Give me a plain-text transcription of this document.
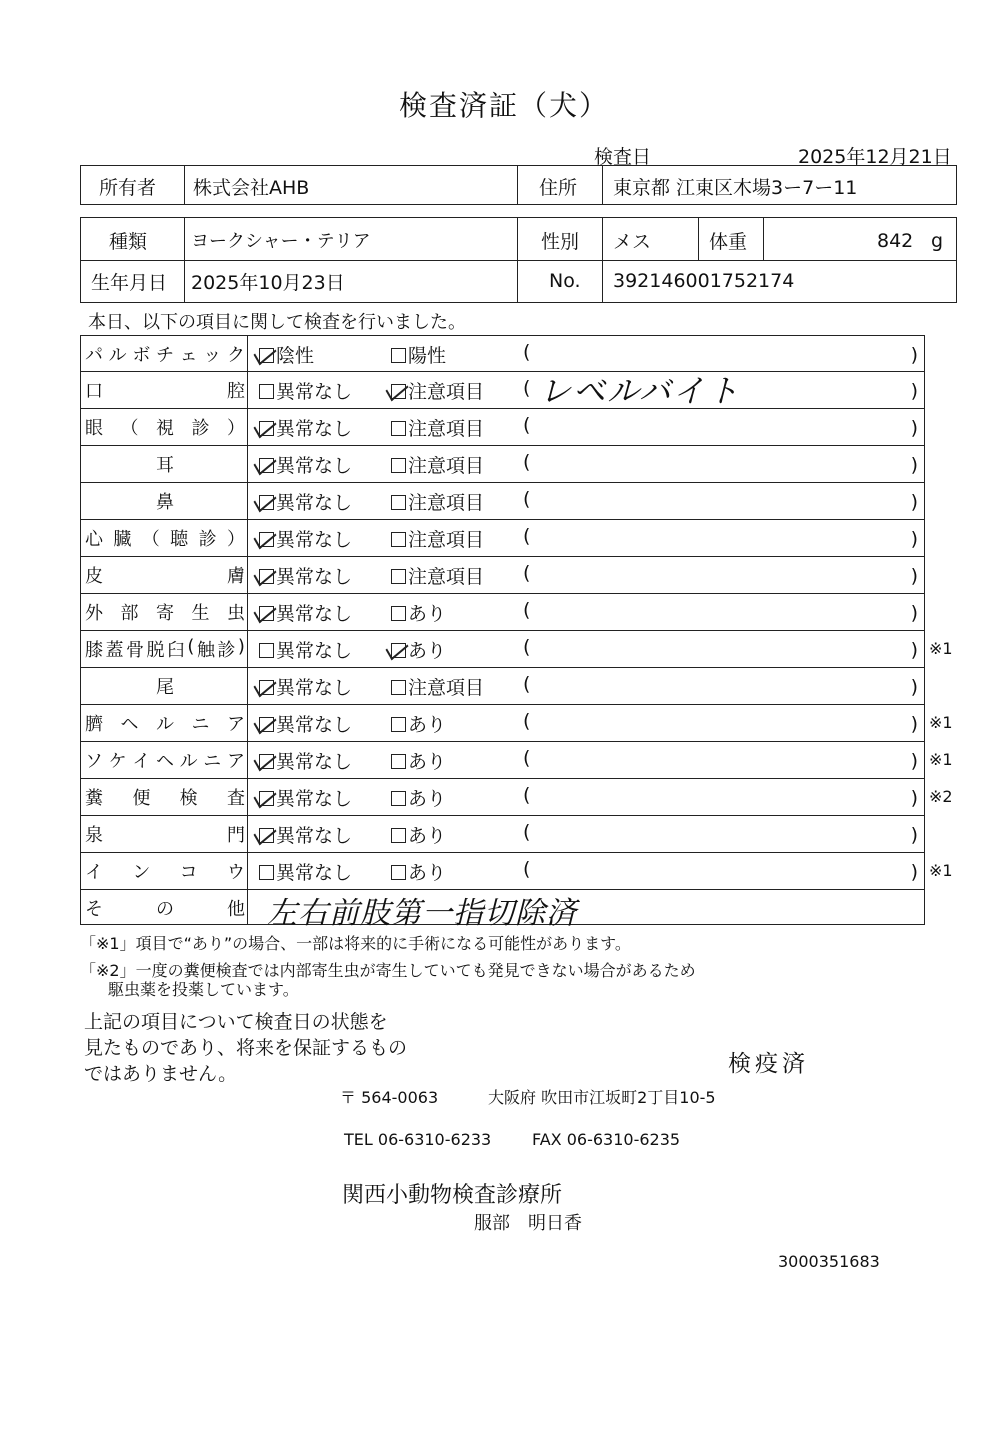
検査済証（犬）
検査日	2025年12月21日
所有者 株式会社AHB	住所 東京都 江東区木場3ー7ー11
種類 ヨークシャー・テリア	性別 メス	体重	842 g
生年月日 2025年10月23日	No. 392146001752174
本日、以下の項目に関して検査を行いました。
パ ル ボ チ ェ ッ ク	陰性	陽性	(	)
口	腔	異常なし	注意項目 ( レベルバイト	)
眼 （ 視 診 ）	異常なし	注意項目 (	)
耳	異常なし	注意項目 (	)
鼻	異常なし	注意項目 (	)
心 臓 （ 聴 診 ）	異常なし	注意項目 (	)
皮	膚	異常なし	注意項目 (	)
外 部 寄 生 虫	異常なし	あり	(	)
膝 蓋 骨 脱 臼 ( 触 診 )	異常なし	あり	(	) ※1
尾	異常なし	注意項目 (	)
臍 ヘ ル ニ ア	異常なし	あり	(	) ※1
ソ ケ イ ヘ ル ニ ア	異常なし	あり	(	) ※1
糞 便 検 査	異常なし	あり	(	) ※2
泉	門	異常なし	あり	(	)
イ ン コ ウ	異常なし	あり	(	) ※1
そ	の	他 左右前肢第一指切除済
「※1」項目で“あり”の場合、一部は将来的に手術になる可能性があります。
「※2」一度の糞便検査では内部寄生虫が寄生していても発見できない場合があるため
駆虫薬を投薬しています。
上記の項目について検査日の状態を
見たものであり、将来を保証するもの
ではありません。	検疫済
〒 564-0063	大阪府 吹田市江坂町2丁目10-5
TEL 06-6310-6233	FAX 06-6310-6235
関西小動物検査診療所
服部　明日香
3000351683
